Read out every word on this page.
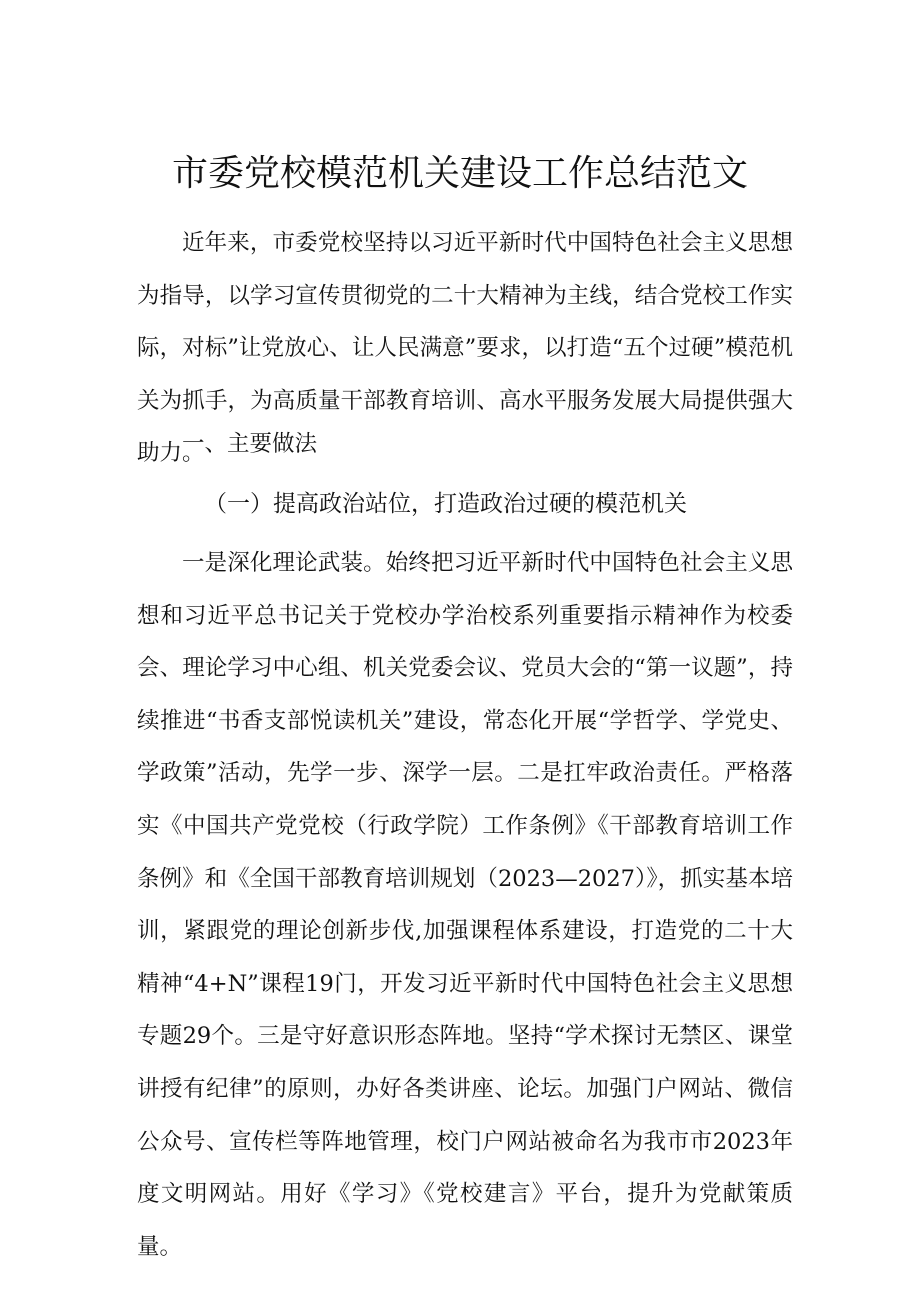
市委党校模范机关建设工作总结范文

近年来，市委党校坚持以习近平新时代中国特色社会主义思想为指导，以学习宣传贯彻党的二十大精神为主线，结合党校工作实际，对标”让党放心、让人民满意”要求，以打造“五个过硬”模范机关为抓手，为高质量干部教育培训、高水平服务发展大局提供强大助力。

一、主要做法
（一）提高政治站位，打造政治过硬的模范机关

一是深化理论武装。始终把习近平新时代中国特色社会主义思想和习近平总书记关于党校办学治校系列重要指示精神作为校委会、理论学习中心组、机关党委会议、党员大会的“第一议题”，持续推进“书香支部悦读机关”建设，常态化开展“学哲学、学党史、学政策”活动，先学一步、深学一层。二是扛牢政治责任。严格落实《中国共产党党校（行政学院）工作条例》《干部教育培训工作条例》和《全国干部教育培训规划（2023—2027）》，抓实基本培训，紧跟党的理论创新步伐,加强课程体系建设，打造党的二十大精神“4+N”课程19门，开发习近平新时代中国特色社会主义思想专题29个。三是守好意识形态阵地。坚持“学术探讨无禁区、课堂讲授有纪律”的原则，办好各类讲座、论坛。加强门户网站、微信公众号、宣传栏等阵地管理，校门户网站被命名为我市市2023年度文明网站。用好《学习》《党校建言》平台，提升为党献策质量。
